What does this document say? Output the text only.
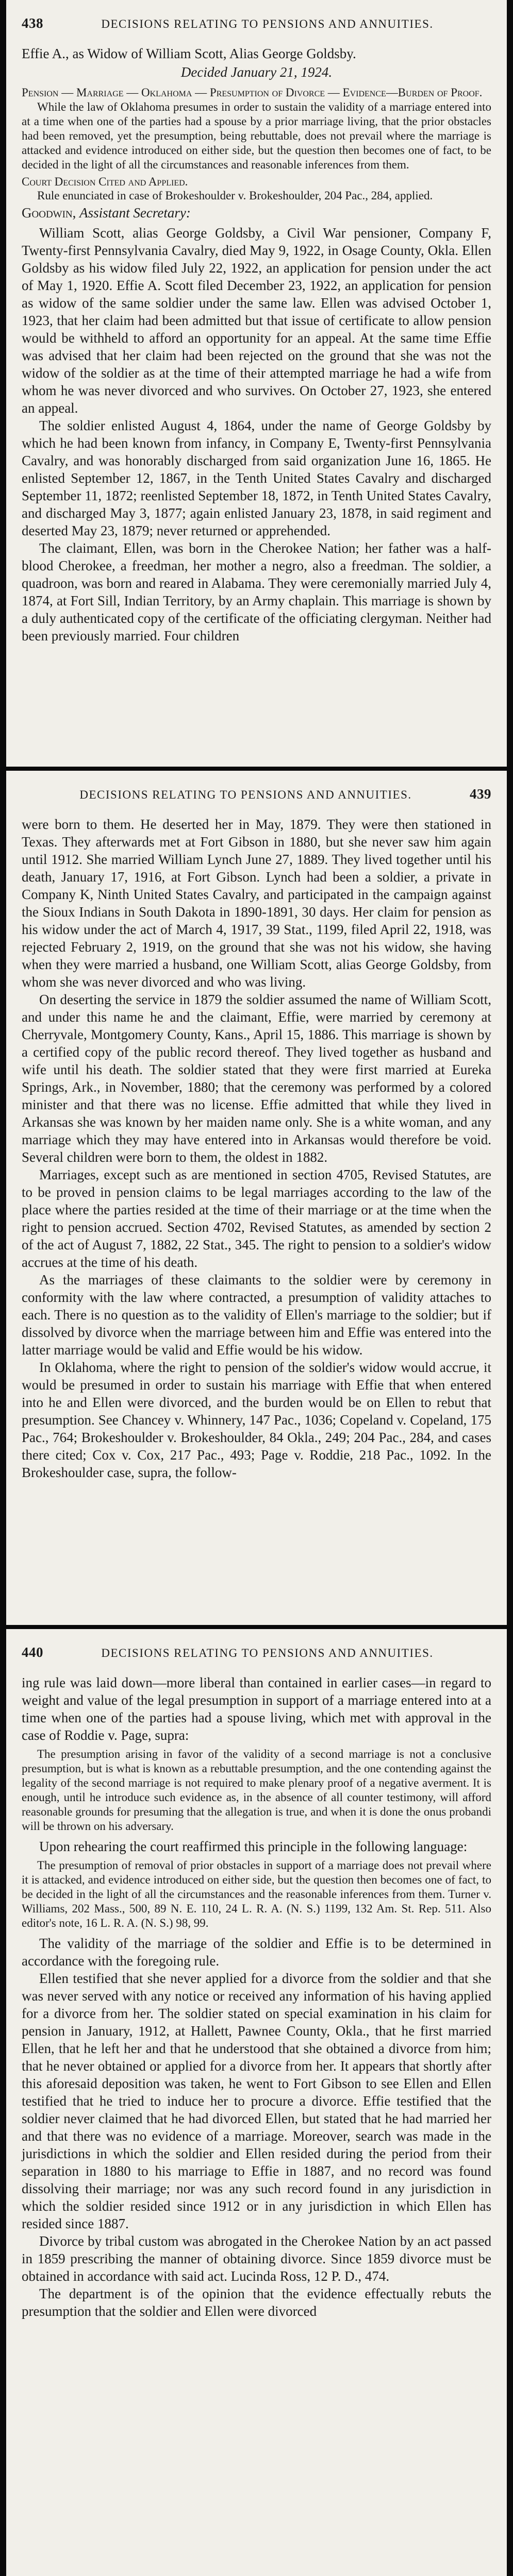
438	DECISIONS RELATING TO PENSIONS AND ANNUITIES.
Effie A., as Widow of William Scott, Alias George Goldsby.
Decided January 21, 1924.
Pension — Marriage — Oklahoma — Presumption of Divorce — Evidence—Burden of Proof.

While the law of Oklahoma presumes in order to sustain the validity of a marriage entered into at a time when one of the parties had a spouse by a prior marriage living, that the prior obstacles had been removed, yet the presumption, being rebuttable, does not prevail where the marriage is attacked and evidence introduced on either side, but the question then becomes one of fact, to be decided in the light of all the circumstances and reasonable inferences from them.

Court Decision Cited and Applied.

Rule enunciated in case of Brokeshoulder v. Brokeshoulder, 204 Pac., 284, applied.

Goodwin, Assistant Secretary:

William Scott, alias George Goldsby, a Civil War pensioner, Company F, Twenty-first Pennsylvania Cavalry, died May 9, 1922, in Osage County, Okla. Ellen Goldsby as his widow filed July 22, 1922, an application for pension under the act of May 1, 1920. Effie A. Scott filed December 23, 1922, an application for pension as widow of the same soldier under the same law. Ellen was advised October 1, 1923, that her claim had been admitted but that issue of certificate to allow pension would be withheld to afford an opportunity for an appeal. At the same time Effie was advised that her claim had been rejected on the ground that she was not the widow of the soldier as at the time of their attempted marriage he had a wife from whom he was never divorced and who survives. On October 27, 1923, she entered an appeal.

The soldier enlisted August 4, 1864, under the name of George Goldsby by which he had been known from infancy, in Company E, Twenty-first Pennsylvania Cavalry, and was honorably discharged from said organization June 16, 1865. He enlisted September 12, 1867, in the Tenth United States Cavalry and discharged September 11, 1872; reenlisted September 18, 1872, in Tenth United States Cavalry, and discharged May 3, 1877; again enlisted January 23, 1878, in said regiment and deserted May 23, 1879; never returned or apprehended.

The claimant, Ellen, was born in the Cherokee Nation; her father was a half-blood Cherokee, a freedman, her mother a negro, also a freedman. The soldier, a quadroon, was born and reared in Alabama. They were ceremonially married July 4, 1874, at Fort Sill, Indian Territory, by an Army chaplain. This marriage is shown by a duly authenticated copy of the certificate of the officiating clergyman. Neither had been previously married. Four children

DECISIONS RELATING TO PENSIONS AND ANNUITIES.	439

were born to them. He deserted her in May, 1879. They were then stationed in Texas. They afterwards met at Fort Gibson in 1880, but she never saw him again until 1912. She married William Lynch June 27, 1889. They lived together until his death, January 17, 1916, at Fort Gibson. Lynch had been a soldier, a private in Company K, Ninth United States Cavalry, and participated in the campaign against the Sioux Indians in South Dakota in 1890-1891, 30 days. Her claim for pension as his widow under the act of March 4, 1917, 39 Stat., 1199, filed April 22, 1918, was rejected February 2, 1919, on the ground that she was not his widow, she having when they were married a husband, one William Scott, alias George Goldsby, from whom she was never divorced and who was living.

On deserting the service in 1879 the soldier assumed the name of William Scott, and under this name he and the claimant, Effie, were married by ceremony at Cherryvale, Montgomery County, Kans., April 15, 1886. This marriage is shown by a certified copy of the public record thereof. They lived together as husband and wife until his death. The soldier stated that they were first married at Eureka Springs, Ark., in November, 1880; that the ceremony was performed by a colored minister and that there was no license. Effie admitted that while they lived in Arkansas she was known by her maiden name only. She is a white woman, and any marriage which they may have entered into in Arkansas would therefore be void. Several children were born to them, the oldest in 1882.

Marriages, except such as are mentioned in section 4705, Revised Statutes, are to be proved in pension claims to be legal marriages according to the law of the place where the parties resided at the time of their marriage or at the time when the right to pension accrued. Section 4702, Revised Statutes, as amended by section 2 of the act of August 7, 1882, 22 Stat., 345. The right to pension to a soldier's widow accrues at the time of his death.

As the marriages of these claimants to the soldier were by ceremony in conformity with the law where contracted, a presumption of validity attaches to each. There is no question as to the validity of Ellen's marriage to the soldier; but if dissolved by divorce when the marriage between him and Effie was entered into the latter marriage would be valid and Effie would be his widow.

In Oklahoma, where the right to pension of the soldier's widow would accrue, it would be presumed in order to sustain his marriage with Effie that when entered into he and Ellen were divorced, and the burden would be on Ellen to rebut that presumption. See Chancey v. Whinnery, 147 Pac., 1036; Copeland v. Copeland, 175 Pac., 764; Brokeshoulder v. Brokeshoulder, 84 Okla., 249; 204 Pac., 284, and cases there cited; Cox v. Cox, 217 Pac., 493; Page v. Roddie, 218 Pac., 1092. In the Brokeshoulder case, supra, the follow-

440	DECISIONS RELATING TO PENSIONS AND ANNUITIES.

ing rule was laid down—more liberal than contained in earlier cases—in regard to weight and value of the legal presumption in support of a marriage entered into at a time when one of the parties had a spouse living, which met with approval in the case of Roddie v. Page, supra:

The presumption arising in favor of the validity of a second marriage is not a conclusive presumption, but is what is known as a rebuttable presumption, and the one contending against the legality of the second marriage is not required to make plenary proof of a negative averment. It is enough, until he introduce such evidence as, in the absence of all counter testimony, will afford reasonable grounds for presuming that the allegation is true, and when it is done the onus probandi will be thrown on his adversary.

Upon rehearing the court reaffirmed this principle in the following language:

The presumption of removal of prior obstacles in support of a marriage does not prevail where it is attacked, and evidence introduced on either side, but the question then becomes one of fact, to be decided in the light of all the circumstances and the reasonable inferences from them. Turner v. Williams, 202 Mass., 500, 89 N. E. 110, 24 L. R. A. (N. S.) 1199, 132 Am. St. Rep. 511. Also editor's note, 16 L. R. A. (N. S.) 98, 99.

The validity of the marriage of the soldier and Effie is to be determined in accordance with the foregoing rule.

Ellen testified that she never applied for a divorce from the soldier and that she was never served with any notice or received any information of his having applied for a divorce from her. The soldier stated on special examination in his claim for pension in January, 1912, at Hallett, Pawnee County, Okla., that he first married Ellen, that he left her and that he understood that she obtained a divorce from him; that he never obtained or applied for a divorce from her. It appears that shortly after this aforesaid deposition was taken, he went to Fort Gibson to see Ellen and Ellen testified that he tried to induce her to procure a divorce. Effie testified that the soldier never claimed that he had divorced Ellen, but stated that he had married her and that there was no evidence of a marriage. Moreover, search was made in the jurisdictions in which the soldier and Ellen resided during the period from their separation in 1880 to his marriage to Effie in 1887, and no record was found dissolving their marriage; nor was any such record found in any jurisdiction in which the soldier resided since 1912 or in any jurisdiction in which Ellen has resided since 1887.

Divorce by tribal custom was abrogated in the Cherokee Nation by an act passed in 1859 prescribing the manner of obtaining divorce. Since 1859 divorce must be obtained in accordance with said act. Lucinda Ross, 12 P. D., 474.

The department is of the opinion that the evidence effectually rebuts the presumption that the soldier and Ellen were divorced
